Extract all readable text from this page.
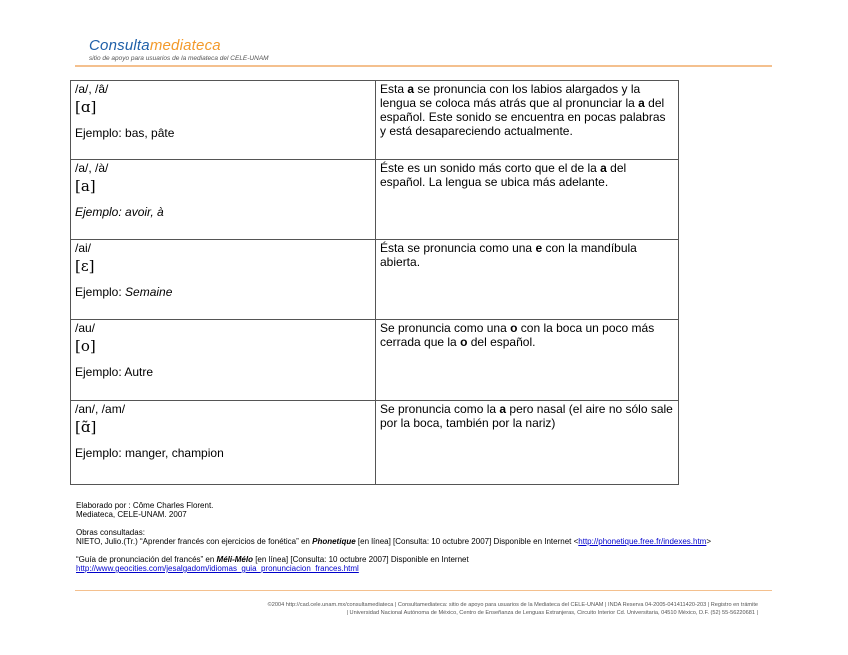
Consultamediateca
sitio de apoyo para usuarios de la mediateca del CELE-UNAM
/a/, /â/
[ɑ]
Ejemplo: bas, pâte	Esta a se pronuncia con los labios alargados y la lengua se coloca más atrás que al pronunciar la a del español. Este sonido se encuentra en pocas palabras y está desapareciendo actualmente.

/a/, /à/
[a]
Ejemplo: avoir, à	Éste es un sonido más corto que el de la a del español. La lengua se ubica más adelante.

/ai/
[ɛ]
Ejemplo: Semaine	Ésta se pronuncia como una e con la mandíbula abierta.

/au/
[o]
Ejemplo: Autre	Se pronuncia como una o con la boca un poco más cerrada que la o del español.

/an/, /am/
[ɑ̃]
Ejemplo: manger, champion	Se pronuncia como la a pero nasal (el aire no sólo sale por la boca, también por la nariz)

Elaborado por : Côme Charles Florent.

Mediateca, CELE-UNAM. 2007

Obras consultadas:

NIETO, Julio.(Tr.) “Aprender francés con ejercicios de fonética” en Phonetique [en línea] [Consulta: 10 octubre 2007] Disponible en Internet <http://phonetique.free.fr/indexes.htm>

“Guía de pronunciación del francés” en Méli-Mélo [en línea] [Consulta: 10 octubre 2007] Disponible en Internet

http://www.geocities.com/jesalgadom/idiomas_guia_pronunciacion_frances.html

©2004 http://cad.cele.unam.mx/consultamediateca | Consultamediateca: sitio de apoyo para usuarios de la Mediateca del CELE-UNAM | INDA Reserva 04-2005-041411420-203 | Registro en trámite
| Universidad Nacional Autónoma de México, Centro de Enseñanza de Lenguas Extranjeras, Circuito Interior Cd. Universitaria, 04510 México, D.F. (52) 55-56220681 |
